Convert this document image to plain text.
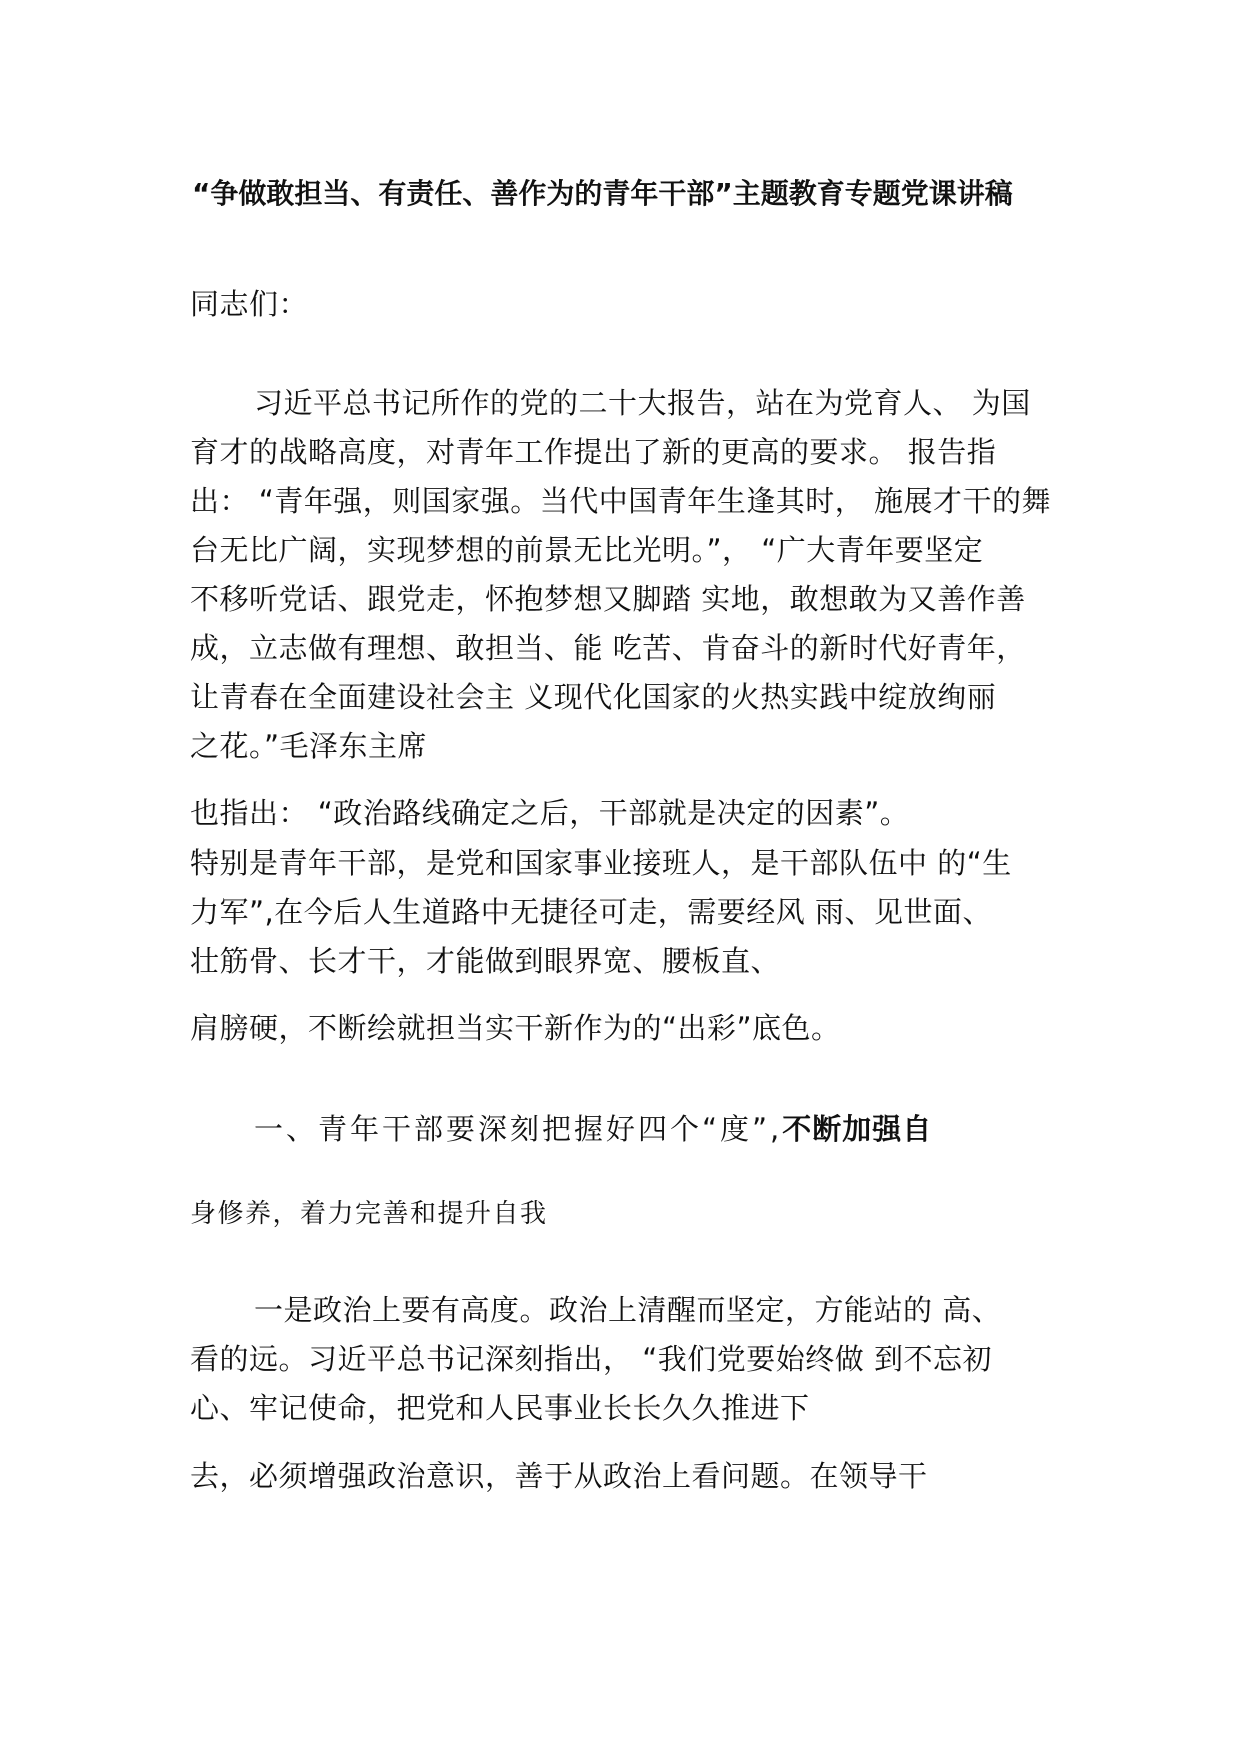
“争做敢担当、有责任、善作为的青年干部”主题教育专题党课讲稿
同志们：
习近平总书记所作的党的二十大报告，站在为党育人、 为国
育才的战略高度，对青年工作提出了新的更高的要求。 报告指
出： “青年强，则国家强。当代中国青年生逢其时， 施展才干的舞
台无比广阔，实现梦想的前景无比光明。”， “广大青年要坚定
不移听党话、跟党走，怀抱梦想又脚踏 实地，敢想敢为又善作善
成，立志做有理想、敢担当、能 吃苦、肯奋斗的新时代好青年，
让青春在全面建设社会主 义现代化国家的火热实践中绽放绚丽
之花。”毛泽东主席
也指出： “政治路线确定之后，干部就是决定的因素”。
特别是青年干部，是党和国家事业接班人，是干部队伍中 的“生
力军”,在今后人生道路中无捷径可走，需要经风 雨、见世面、
壮筋骨、长才干，才能做到眼界宽、腰板直、
肩膀硬，不断绘就担当实干新作为的“出彩”底色。
一、青年干部要深刻把握好四个“度”,不断加强自
身修养，着力完善和提升自我
一是政治上要有高度。政治上清醒而坚定，方能站的 高、
看的远。习近平总书记深刻指出， “我们党要始终做 到不忘初
心、牢记使命，把党和人民事业长长久久推进下
去，必须增强政治意识，善于从政治上看问题。在领导干
